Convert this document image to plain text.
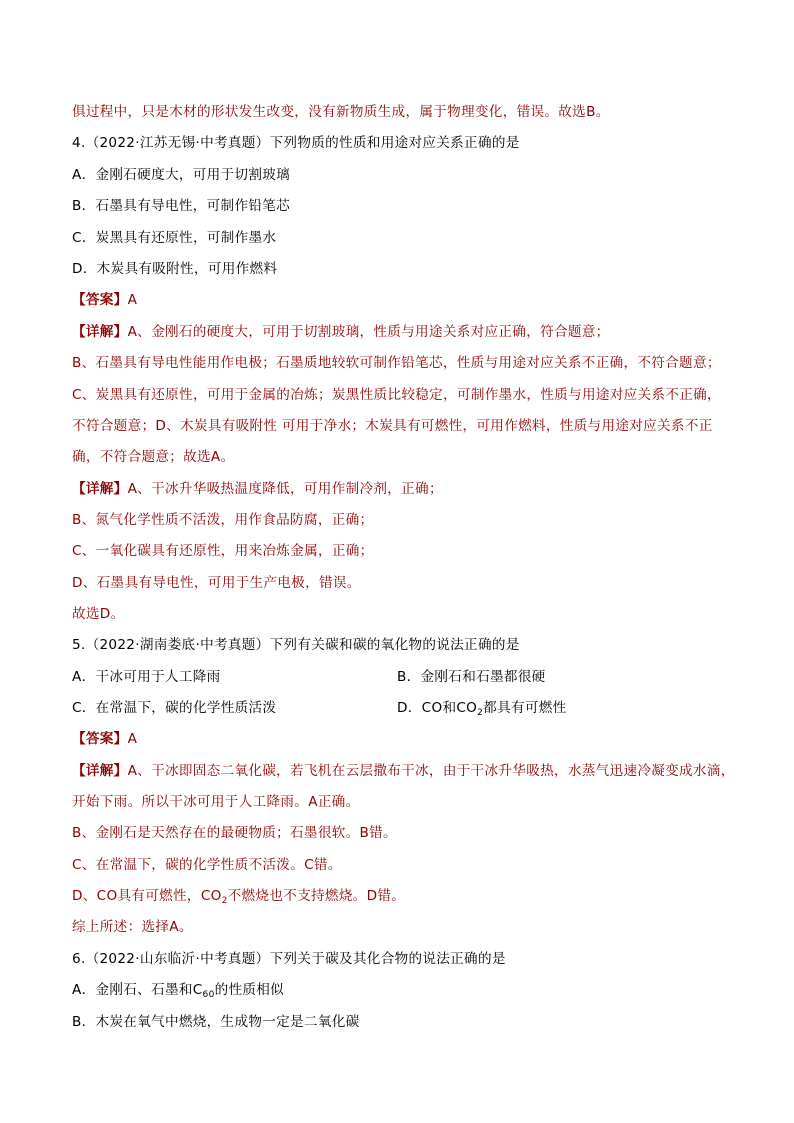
俱过程中，只是木材的形状发生改变，没有新物质生成，属于物理变化，错误。故选B。
4.（2022·江苏无锡·中考真题）下列物质的性质和用途对应关系正确的是
A．金刚石硬度大，可用于切割玻璃
B．石墨具有导电性，可制作铅笔芯
C．炭黑具有还原性，可制作墨水
D．木炭具有吸附性，可用作燃料
【答案】A
【详解】A、金刚石的硬度大，可用于切割玻璃，性质与用途关系对应正确，符合题意；
B、石墨具有导电性能用作电极；石墨质地较软可制作铅笔芯，性质与用途对应关系不正确，不符合题意；
C、炭黑具有还原性，可用于金属的冶炼；炭黑性质比较稳定，可制作墨水，性质与用途对应关系不正确，
不符合题意；D、木炭具有吸附性 可用于净水；木炭具有可燃性，可用作燃料，性质与用途对应关系不正
确，不符合题意；故选A。
【详解】A、干冰升华吸热温度降低，可用作制冷剂，正确；
B、氮气化学性质不活泼，用作食品防腐，正确；
C、一氧化碳具有还原性，用来冶炼金属，正确；
D、石墨具有导电性，可用于生产电极，错误。
故选D。
5.（2022·湖南娄底·中考真题）下列有关碳和碳的氧化物的说法正确的是
A．干冰可用于人工降雨	B．金刚石和石墨都很硬
C．在常温下，碳的化学性质活泼	D．CO和$CO_2$都具有可燃性
【答案】A
【详解】A、干冰即固态二氧化碳，若飞机在云层撒布干冰，由于干冰升华吸热，水蒸气迅速冷凝变成水滴，
开始下雨。所以干冰可用于人工降雨。A正确。
B、金刚石是天然存在的最硬物质；石墨很软。B错。
C、在常温下，碳的化学性质不活泼。C错。
D、CO具有可燃性，$CO_2$不燃烧也不支持燃烧。D错。
综上所述：选择A。
6.（2022·山东临沂·中考真题）下列关于碳及其化合物的说法正确的是
A．金刚石、石墨和$C_{60}$的性质相似
B．木炭在氧气中燃烧，生成物一定是二氧化碳
